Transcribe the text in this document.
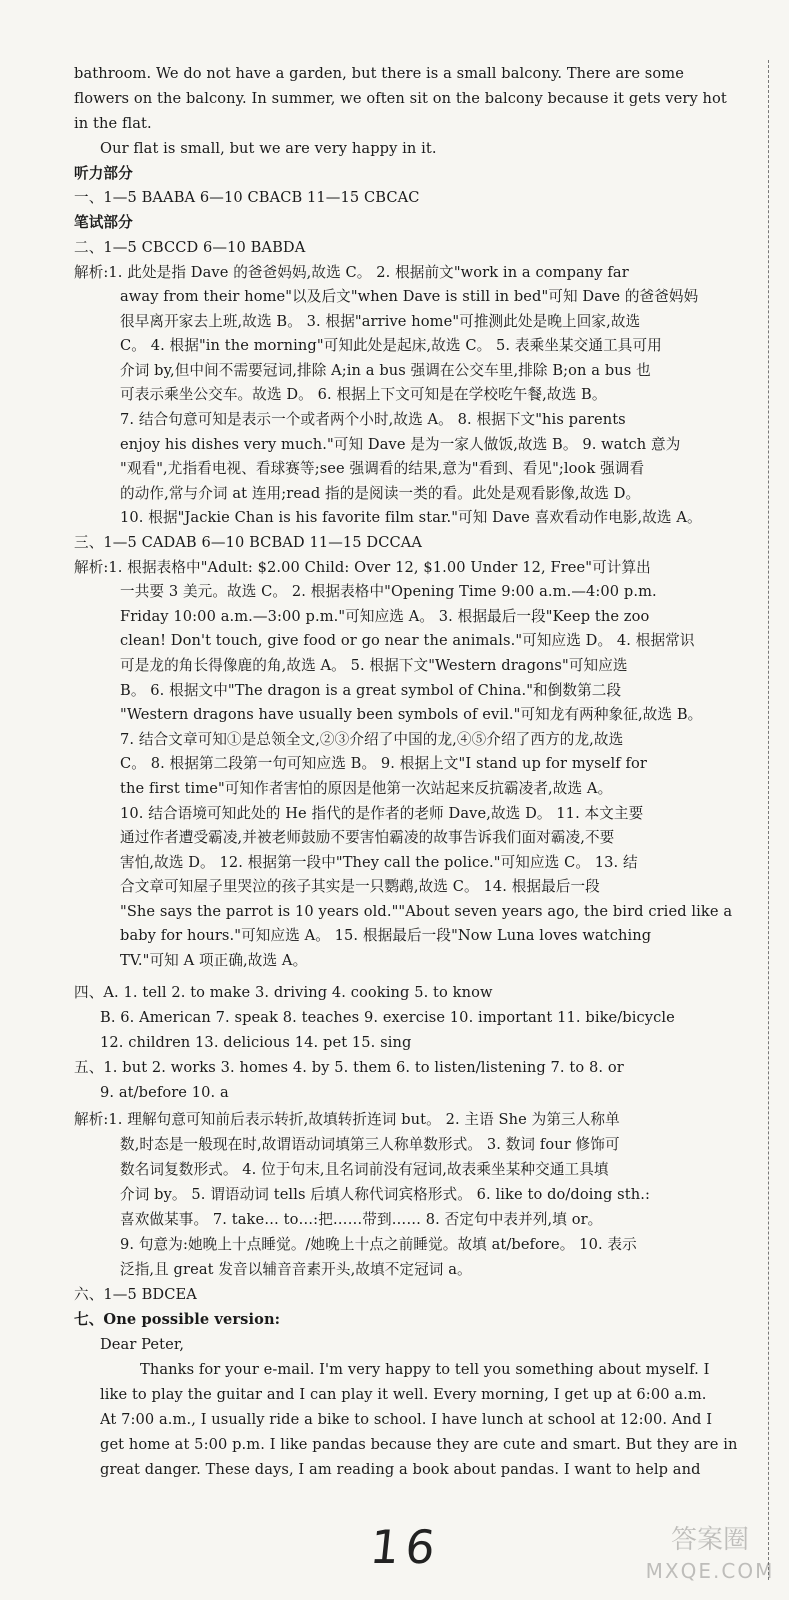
bathroom. We do not have a garden, but there is a small balcony. There are some
flowers on the balcony. In summer, we often sit on the balcony because it gets very hot
in the flat.
Our flat is small, but we are very happy in it.
听力部分
一、1—5 BAABA 6—10 CBACB 11—15 CBCAC
笔试部分
二、1—5 CBCCD 6—10 BABDA
解析:1. 此处是指 Dave 的爸爸妈妈,故选 C。 2. 根据前文"work in a company far
away from their home"以及后文"when Dave is still in bed"可知 Dave 的爸爸妈妈
很早离开家去上班,故选 B。 3. 根据"arrive home"可推测此处是晚上回家,故选
C。 4. 根据"in the morning"可知此处是起床,故选 C。 5. 表乘坐某交通工具可用
介词 by,但中间不需要冠词,排除 A;in a bus 强调在公交车里,排除 B;on a bus 也
可表示乘坐公交车。故选 D。 6. 根据上下文可知是在学校吃午餐,故选 B。
7. 结合句意可知是表示一个或者两个小时,故选 A。 8. 根据下文"his parents
enjoy his dishes very much."可知 Dave 是为一家人做饭,故选 B。 9. watch 意为
"观看",尤指看电视、看球赛等;see 强调看的结果,意为"看到、看见";look 强调看
的动作,常与介词 at 连用;read 指的是阅读一类的看。此处是观看影像,故选 D。
10. 根据"Jackie Chan is his favorite film star."可知 Dave 喜欢看动作电影,故选 A。
三、1—5 CADAB 6—10 BCBAD 11—15 DCCAA
解析:1. 根据表格中"Adult: $2.00 Child: Over 12, $1.00 Under 12, Free"可计算出
一共要 3 美元。故选 C。 2. 根据表格中"Opening Time 9:00 a.m.—4:00 p.m.
Friday 10:00 a.m.—3:00 p.m."可知应选 A。 3. 根据最后一段"Keep the zoo
clean! Don't touch, give food or go near the animals."可知应选 D。 4. 根据常识
可是龙的角长得像鹿的角,故选 A。 5. 根据下文"Western dragons"可知应选
B。 6. 根据文中"The dragon is a great symbol of China."和倒数第二段
"Western dragons have usually been symbols of evil."可知龙有两种象征,故选 B。
7. 结合文章可知①是总领全文,②③介绍了中国的龙,④⑤介绍了西方的龙,故选
C。 8. 根据第二段第一句可知应选 B。 9. 根据上文"I stand up for myself for
the first time"可知作者害怕的原因是他第一次站起来反抗霸凌者,故选 A。
10. 结合语境可知此处的 He 指代的是作者的老师 Dave,故选 D。 11. 本文主要
通过作者遭受霸凌,并被老师鼓励不要害怕霸凌的故事告诉我们面对霸凌,不要
害怕,故选 D。 12. 根据第一段中"They call the police."可知应选 C。 13. 结
合文章可知屋子里哭泣的孩子其实是一只鹦鹉,故选 C。 14. 根据最后一段
"She says the parrot is 10 years old.""About seven years ago, the bird cried like a
baby for hours."可知应选 A。 15. 根据最后一段"Now Luna loves watching
TV."可知 A 项正确,故选 A。
四、A. 1. tell 2. to make 3. driving 4. cooking 5. to know
B. 6. American 7. speak 8. teaches 9. exercise 10. important 11. bike/bicycle
12. children 13. delicious 14. pet 15. sing
五、1. but 2. works 3. homes 4. by 5. them 6. to listen/listening 7. to 8. or
9. at/before 10. a
解析:1. 理解句意可知前后表示转折,故填转折连词 but。 2. 主语 She 为第三人称单
数,时态是一般现在时,故谓语动词填第三人称单数形式。 3. 数词 four 修饰可
数名词复数形式。 4. 位于句末,且名词前没有冠词,故表乘坐某种交通工具填
介词 by。 5. 谓语动词 tells 后填人称代词宾格形式。 6. like to do/doing sth.:
喜欢做某事。 7. take… to…:把……带到…… 8. 否定句中表并列,填 or。
9. 句意为:她晚上十点睡觉。/她晚上十点之前睡觉。故填 at/before。 10. 表示
泛指,且 great 发音以辅音音素开头,故填不定冠词 a。
六、1—5 BDCEA
七、One possible version:
Dear Peter,
Thanks for your e-mail. I'm very happy to tell you something about myself. I
like to play the guitar and I can play it well. Every morning, I get up at 6:00 a.m.
At 7:00 a.m., I usually ride a bike to school. I have lunch at school at 12:00. And I
get home at 5:00 p.m. I like pandas because they are cute and smart. But they are in
great danger. These days, I am reading a book about pandas. I want to help and
16	答案圈
MXQE.COM
